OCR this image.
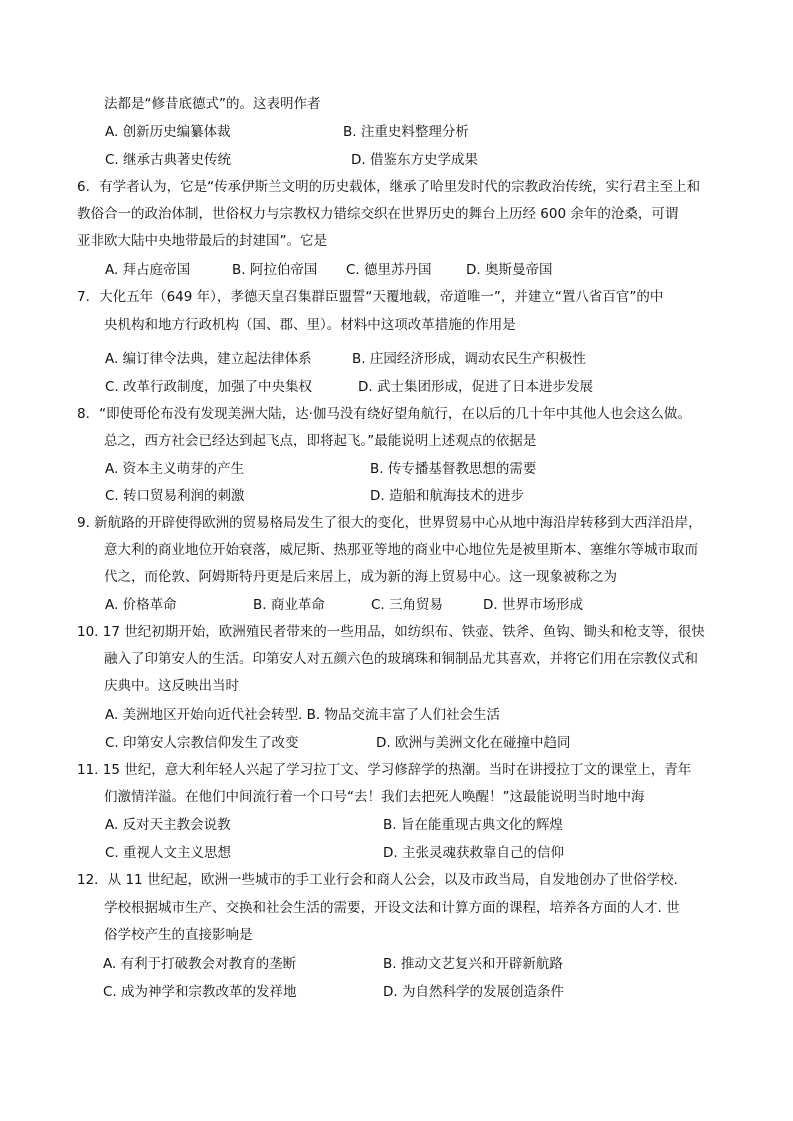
法都是“修昔底德式”的。这表明作者
A. 创新历史编纂体裁	B. 注重史料整理分析
C. 继承古典著史传统	D. 借鉴东方史学成果
6．有学者认为，它是“传承伊斯兰文明的历史载体，继承了哈里发时代的宗教政治传统，实行君主至上和
教俗合一的政治体制，世俗权力与宗教权力错综交织在世界历史的舞台上历经 600 余年的沧桑，可谓
亚非欧大陆中央地带最后的封建国”。它是
A. 拜占庭帝国	B. 阿拉伯帝国 C. 德里苏丹国	D. 奥斯曼帝国
7．大化五年（649 年），孝德天皇召集群臣盟誓“天覆地载，帝道唯一”，并建立“置八省百官”的中
央机构和地方行政机构（国、郡、里）。材料中这项改革措施的作用是
A. 编订律令法典，建立起法律体系	B. 庄园经济形成，调动农民生产积极性
C. 改革行政制度，加强了中央集权	D. 武士集团形成，促进了日本进步发展
8．“即使哥伦布没有发现美洲大陆，达·伽马没有绕好望角航行，在以后的几十年中其他人也会这么做。
总之，西方社会已经达到起飞点，即将起飞。”最能说明上述观点的依据是
A. 资本主义萌芽的产生	B. 传专播基督教思想的需要
C. 转口贸易利润的刺激	D. 造船和航海技术的进步
9. 新航路的开辟使得欧洲的贸易格局发生了很大的变化，世界贸易中心从地中海沿岸转移到大西洋沿岸，
意大利的商业地位开始衰落，威尼斯、热那亚等地的商业中心地位先是被里斯本、塞维尔等城市取而
代之，而伦敦、阿姆斯特丹更是后来居上，成为新的海上贸易中心。这一现象被称之为
A. 价格革命	B. 商业革命	C. 三角贸易	D. 世界市场形成
10. 17 世纪初期开始，欧洲殖民者带来的一些用品，如纺织布、铁壶、铁斧、鱼钩、锄头和枪支等，很快
融入了印第安人的生活。印第安人对五颜六色的玻璃珠和铜制品尤其喜欢，并将它们用在宗教仪式和
庆典中。这反映出当时
A. 美洲地区开始向近代社会转型. B. 物品交流丰富了人们社会生活
C. 印第安人宗教信仰发生了改变	D. 欧洲与美洲文化在碰撞中趋同
11. 15 世纪，意大利年轻人兴起了学习拉丁文、学习修辞学的热潮。当时在讲授拉丁文的课堂上，青年
们激情洋溢。在他们中间流行着一个口号“去！我们去把死人唤醒！”这最能说明当时地中海
A. 反对天主教会说教	B. 旨在能重现古典文化的辉煌
C. 重视人文主义思想	D. 主张灵魂获救靠自己的信仰
12．从 11 世纪起，欧洲一些城市的手工业行会和商人公会，以及市政当局，自发地创办了世俗学校.
学校根据城市生产、交换和社会生活的需要，开设文法和计算方面的课程，培养各方面的人才. 世
俗学校产生的直接影响是
A. 有利于打破教会对教育的垄断	B. 推动文艺复兴和开辟新航路
C. 成为神学和宗教改革的发祥地	D. 为自然科学的发展创造条件
